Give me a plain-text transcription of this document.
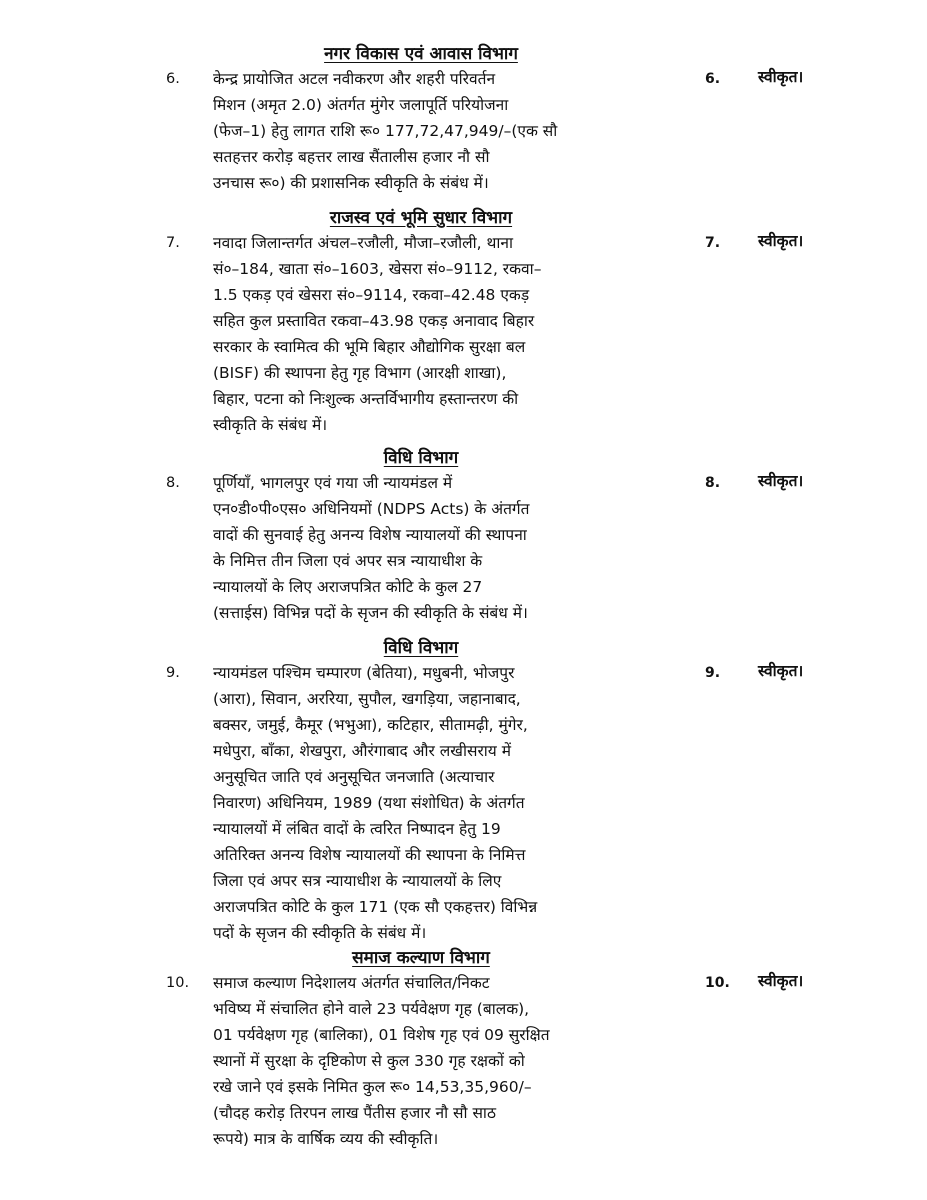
नगर विकास एवं आवास विभाग
6. केन्द्र प्रायोजित अटल नवीकरण और शहरी परिवर्तन
मिशन (अमृत 2.0) अंतर्गत मुंगेर जलापूर्ति परियोजना
(फेज–1) हेतु लागत राशि रू० 177,72,47,949/–(एक सौ
सतहत्तर करोड़ बहत्तर लाख सैंतालीस हजार नौ सौ
उनचास रू०) की प्रशासनिक स्वीकृति के संबंध में।
6. स्वीकृत।
राजस्व एवं भूमि सुधार विभाग
7. नवादा जिलान्तर्गत अंचल–रजौली, मौजा–रजौली, थाना
सं०–184, खाता सं०–1603, खेसरा सं०–9112, रकवा–
1.5 एकड़ एवं खेसरा सं०–9114, रकवा–42.48 एकड़
सहित कुल प्रस्तावित रकवा–43.98 एकड़ अनावाद बिहार
सरकार के स्वामित्व की भूमि बिहार औद्योगिक सुरक्षा बल
(BISF) की स्थापना हेतु गृह विभाग (आरक्षी शाखा),
बिहार, पटना को निःशुल्क अन्तर्विभागीय हस्तान्तरण की
स्वीकृति के संबंध में।
7. स्वीकृत।
विधि विभाग
8. पूर्णियाँ, भागलपुर एवं गया जी न्यायमंडल में
एन०डी०पी०एस० अधिनियमों (NDPS Acts) के अंतर्गत
वादों की सुनवाई हेतु अनन्य विशेष न्यायालयों की स्थापना
के निमित्त तीन जिला एवं अपर सत्र न्यायाधीश के
न्यायालयों के लिए अराजपत्रित कोटि के कुल 27
(सत्ताईस) विभिन्न पदों के सृजन की स्वीकृति के संबंध में।
8. स्वीकृत।
विधि विभाग
9. न्यायमंडल पश्चिम चम्पारण (बेतिया), मधुबनी, भोजपुर
(आरा), सिवान, अररिया, सुपौल, खगड़िया, जहानाबाद,
बक्सर, जमुई, कैमूर (भभुआ), कटिहार, सीतामढ़ी, मुंगेर,
मधेपुरा, बाँका, शेखपुरा, औरंगाबाद और लखीसराय में
अनुसूचित जाति एवं अनुसूचित जनजाति (अत्याचार
निवारण) अधिनियम, 1989 (यथा संशोधित) के अंतर्गत
न्यायालयों में लंबित वादों के त्वरित निष्पादन हेतु 19
अतिरिक्त अनन्य विशेष न्यायालयों की स्थापना के निमित्त
जिला एवं अपर सत्र न्यायाधीश के न्यायालयों के लिए
अराजपत्रित कोटि के कुल 171 (एक सौ एकहत्तर) विभिन्न
पदों के सृजन की स्वीकृति के संबंध में।
9. स्वीकृत।
समाज कल्याण विभाग
10. समाज कल्याण निदेशालय अंतर्गत संचालित/निकट
भविष्य में संचालित होने वाले 23 पर्यवेक्षण गृह (बालक),
01 पर्यवेक्षण गृह (बालिका), 01 विशेष गृह एवं 09 सुरक्षित
स्थानों में सुरक्षा के दृष्टिकोण से कुल 330 गृह रक्षकों को
रखे जाने एवं इसके निमित कुल रू० 14,53,35,960/–
(चौदह करोड़ तिरपन लाख पैंतीस हजार नौ सौ साठ
रूपये) मात्र के वार्षिक व्यय की स्वीकृति।
10. स्वीकृत।
